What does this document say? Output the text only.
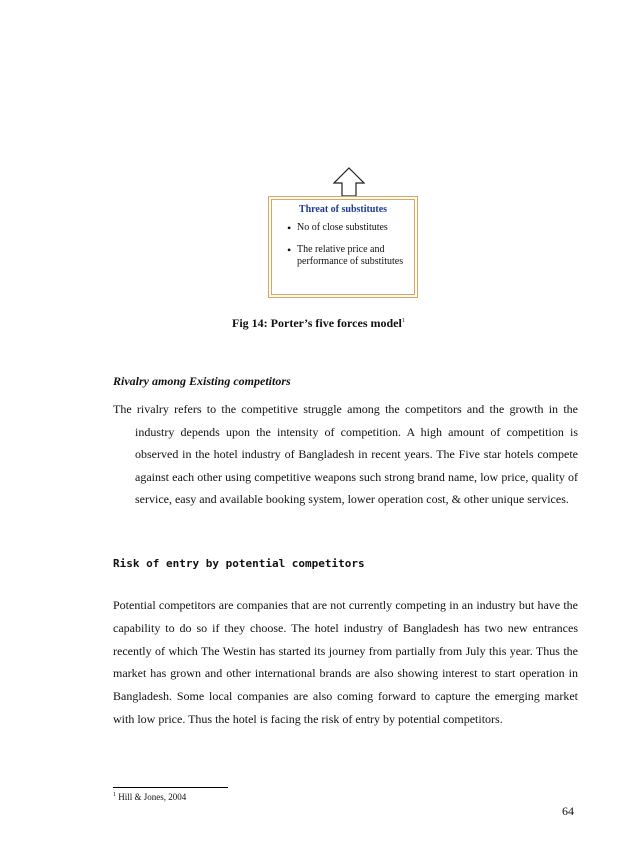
Threat of substitutes
• No of close substitutes
• The relative price and performance of substitutes
Fig 14: Porter’s five forces model$^1$
Rivalry among Existing competitors
The rivalry refers to the competitive struggle among the competitors and the growth in the
industry depends upon the intensity of competition. A high amount of competition is observed in the hotel industry of Bangladesh in recent years. The Five star hotels compete against each other using competitive weapons such strong brand name, low price, quality of service, easy and available booking system, lower operation cost, & other unique services.
Risk of entry by potential competitors
Potential competitors are companies that are not currently competing in an industry but have the capability to do so if they choose. The hotel industry of Bangladesh has two new entrances recently of which The Westin has started its journey from partially from July this year. Thus the market has grown and other international brands are also showing interest to start operation in Bangladesh. Some local companies are also coming forward to capture the emerging market with low price. Thus the hotel is facing the risk of entry by potential competitors.
$^1$ Hill & Jones, 2004
64
